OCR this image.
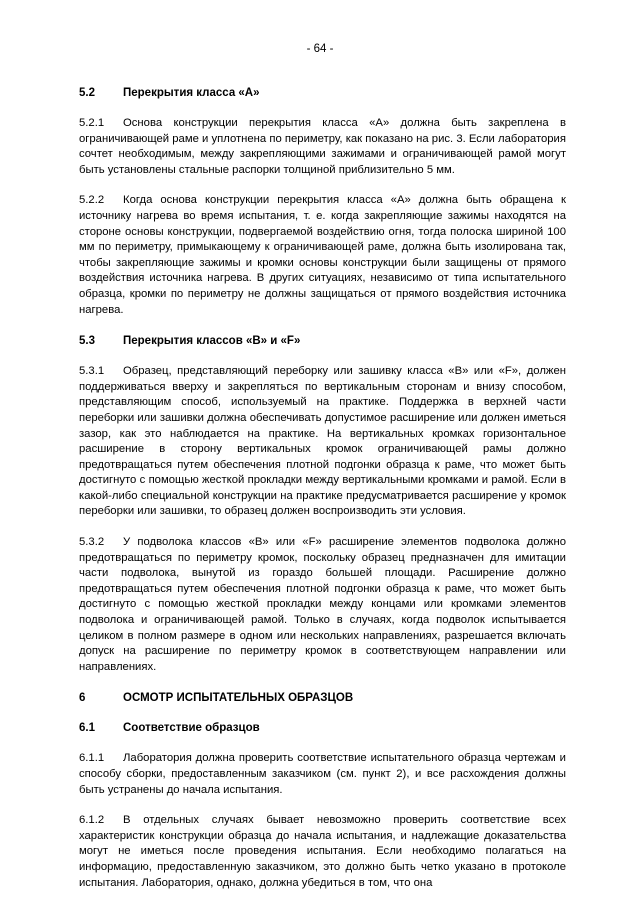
- 64 -
5.2	Перекрытия класса «A»
5.2.1 Основа конструкции перекрытия класса «A» должна быть закреплена в ограничивающей раме и уплотнена по периметру, как показано на рис. 3. Если лаборатория сочтет необходимым, между закрепляющими зажимами и ограничивающей рамой могут быть установлены стальные распорки толщиной приблизительно 5 мм.
5.2.2 Когда основа конструкции перекрытия класса «A» должна быть обращена к источнику нагрева во время испытания, т. е. когда закрепляющие зажимы находятся на стороне основы конструкции, подвергаемой воздействию огня, тогда полоска шириной 100 мм по периметру, примыкающему к ограничивающей раме, должна быть изолирована так, чтобы закрепляющие зажимы и кромки основы конструкции были защищены от прямого воздействия источника нагрева. В других ситуациях, независимо от типа испытательного образца, кромки по периметру не должны защищаться от прямого воздействия источника нагрева.
5.3	Перекрытия классов «B» и «F»
5.3.1 Образец, представляющий переборку или зашивку класса «B» или «F», должен поддерживаться вверху и закрепляться по вертикальным сторонам и внизу способом, представляющим способ, используемый на практике. Поддержка в верхней части переборки или зашивки должна обеспечивать допустимое расширение или должен иметься зазор, как это наблюдается на практике. На вертикальных кромках горизонтальное расширение в сторону вертикальных кромок ограничивающей рамы должно предотвращаться путем обеспечения плотной подгонки образца к раме, что может быть достигнуто с помощью жесткой прокладки между вертикальными кромками и рамой. Если в какой-либо специальной конструкции на практике предусматривается расширение у кромок переборки или зашивки, то образец должен воспроизводить эти условия.
5.3.2 У подволока классов «B» или «F» расширение элементов подволока должно предотвращаться по периметру кромок, поскольку образец предназначен для имитации части подволока, вынутой из гораздо большей площади. Расширение должно предотвращаться путем обеспечения плотной подгонки образца к раме, что может быть достигнуто с помощью жесткой прокладки между концами или кромками элементов подволока и ограничивающей рамой. Только в случаях, когда подволок испытывается целиком в полном размере в одном или нескольких направлениях, разрешается включать допуск на расширение по периметру кромок в соответствующем направлении или направлениях.
6	ОСМОТР ИСПЫТАТЕЛЬНЫХ ОБРАЗЦОВ
6.1	Соответствие образцов
6.1.1 Лаборатория должна проверить соответствие испытательного образца чертежам и способу сборки, предоставленным заказчиком (см. пункт 2), и все расхождения должны быть устранены до начала испытания.
6.1.2 В отдельных случаях бывает невозможно проверить соответствие всех характеристик конструкции образца до начала испытания, и надлежащие доказательства могут не иметься после проведения испытания. Если необходимо полагаться на информацию, предоставленную заказчиком, это должно быть четко указано в протоколе испытания. Лаборатория, однако, должна убедиться в том, что она
